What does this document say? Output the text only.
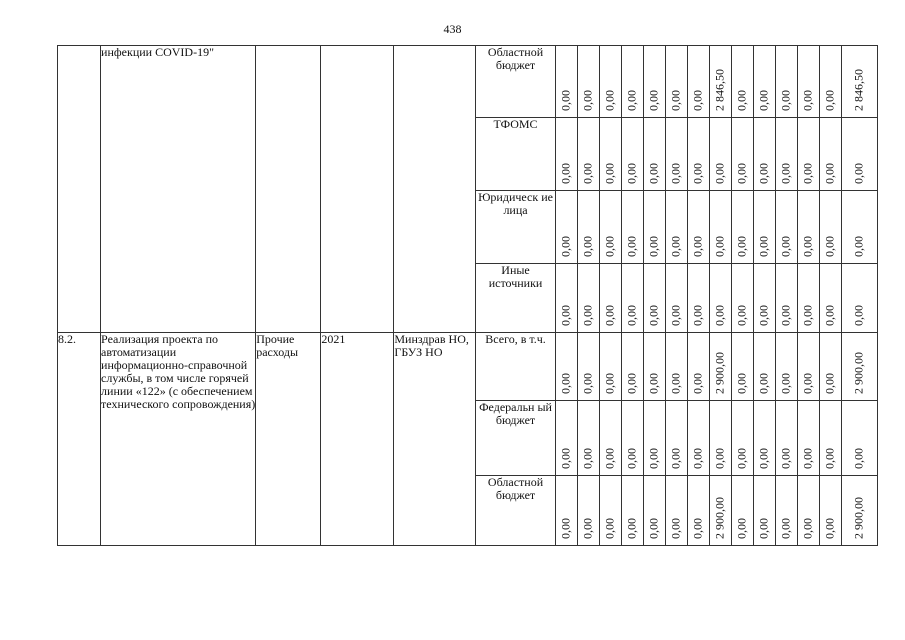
438
	инфекции COVID-19"				Областной бюджет	0,00	0,00	0,00	0,00	0,00	0,00	0,00	2 846,50	0,00	0,00	0,00	0,00	0,00	2 846,50

					ТФОМС	0,00	0,00	0,00	0,00	0,00	0,00	0,00	0,00	0,00	0,00	0,00	0,00	0,00	0,00

					Юридическ ие лица	0,00	0,00	0,00	0,00	0,00	0,00	0,00	0,00	0,00	0,00	0,00	0,00	0,00	0,00

					Иные источники	0,00	0,00	0,00	0,00	0,00	0,00	0,00	0,00	0,00	0,00	0,00	0,00	0,00	0,00

8.2.	Реализация проекта по автоматизации информационно-справочной службы, в том числе горячей линии «122» (с обеспечением технического сопровождения)	Прочие расходы	2021	Минздрав НО, ГБУЗ НО	Всего, в т.ч.	0,00	0,00	0,00	0,00	0,00	0,00	0,00	2 900,00	0,00	0,00	0,00	0,00	0,00	2 900,00

					Федеральн ый бюджет	0,00	0,00	0,00	0,00	0,00	0,00	0,00	0,00	0,00	0,00	0,00	0,00	0,00	0,00

					Областной бюджет	0,00	0,00	0,00	0,00	0,00	0,00	0,00	2 900,00	0,00	0,00	0,00	0,00	0,00	2 900,00
